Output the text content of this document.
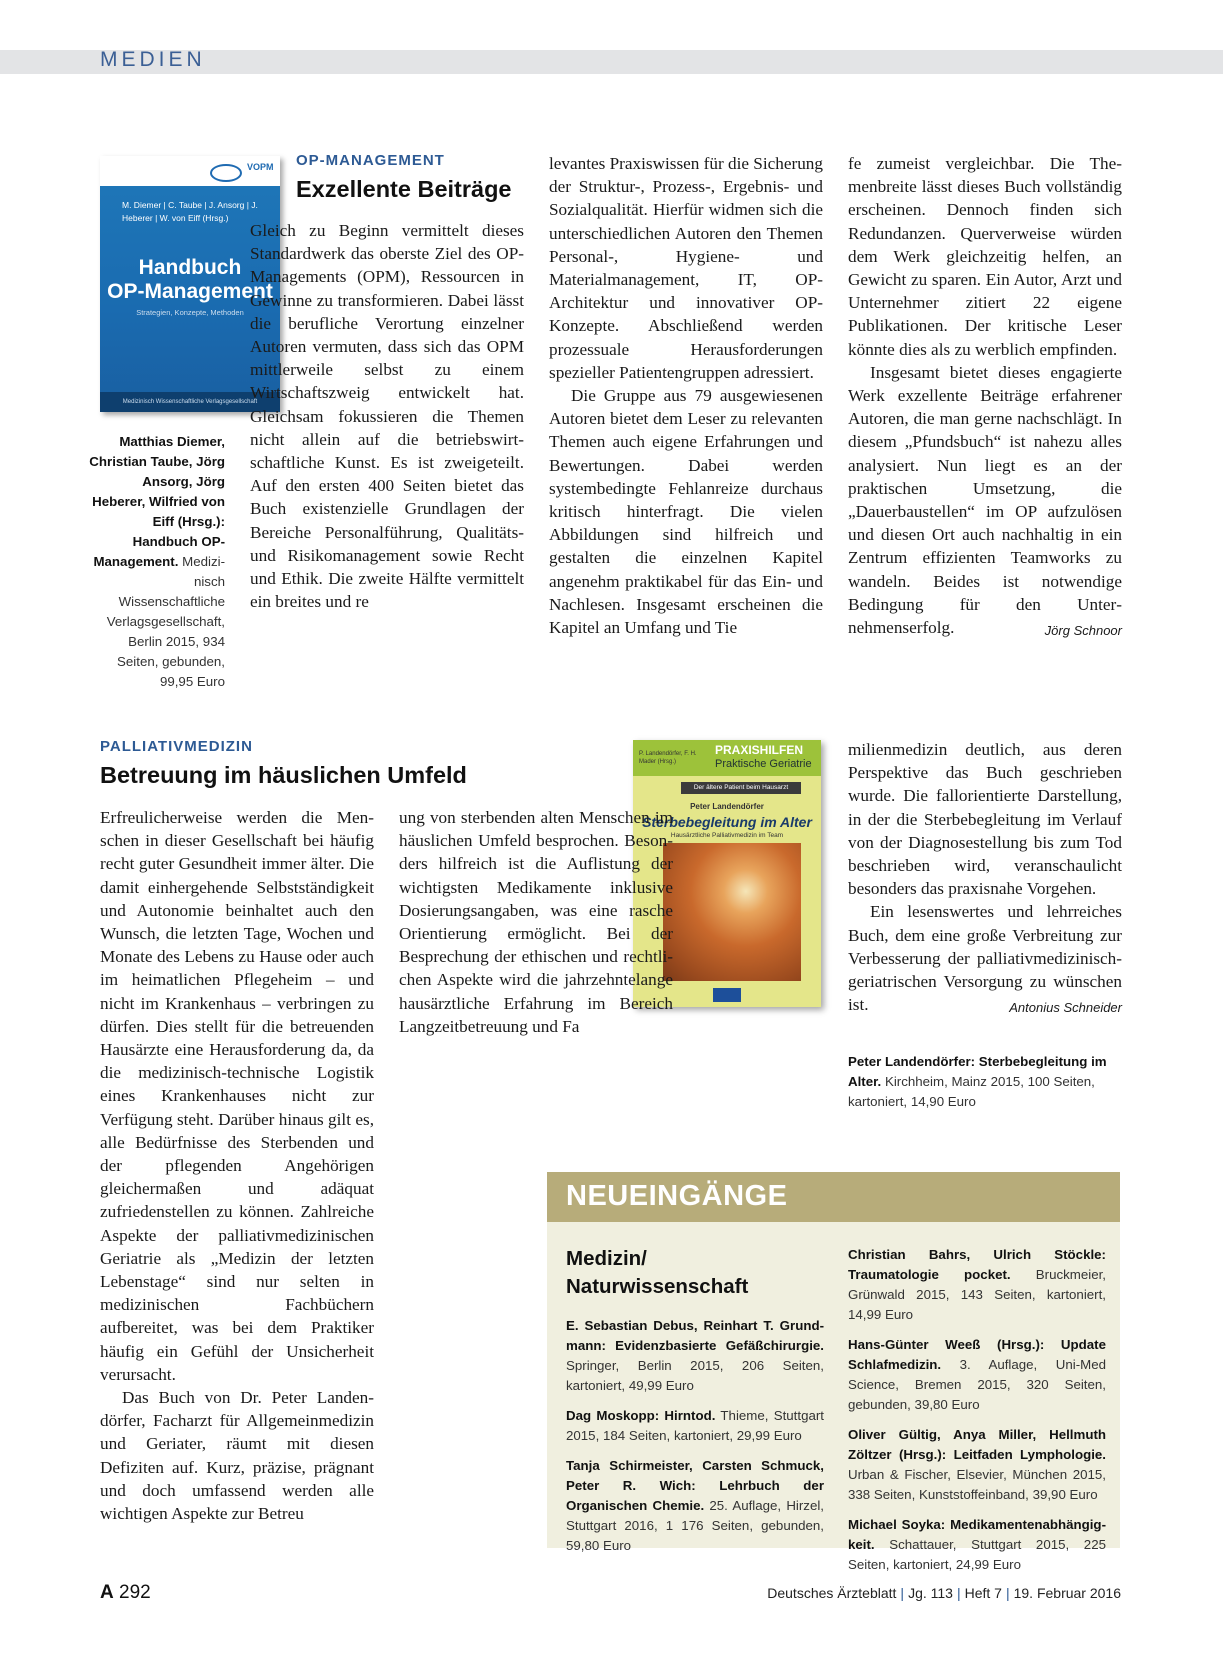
MEDIEN
VOPM
M. Diemer | C. Taube | J. Ansorg | J. Heberer | W. von Eiff (Hrsg.)
Handbuch
OP-Management
Strategien, Konzepte, Methoden
Medizinisch Wissenschaftliche Verlagsgesellschaft
Matthias Diemer, Christian Taube, Jörg Ansorg, Jörg Heberer, Wilfried von Eiff (Hrsg.): Handbuch OP-Management. Medizinisch Wissenschaftliche Verlagsgesellschaft, Berlin 2015, 934 Seiten, gebunden, 99,95 Euro
OP-MANAGEMENT
Exzellente Beiträge

Gleich zu Beginn vermittelt dieses Standardwerk das oberste Ziel des OP-Managements (OPM), Ressourcen in Gewinne zu transformieren. Dabei lässt die berufliche Verortung einzelner Autoren vermuten, dass sich das OPM mittlerweile selbst zu einem Wirtschaftszweig entwickelt hat. Gleichsam fokussieren die Themen nicht allein auf die betriebswirtschaftliche Kunst. Es ist zweigeteilt. Auf den ersten 400 Seiten bietet das Buch existenzielle Grundlagen der Bereiche Personalführung, Qualitäts- und Risikomanagement sowie Recht und Ethik. Die zweite Hälfte vermittelt ein breites und re

levantes Praxiswissen für die Sicherung der Struktur-, Prozess-, Ergebnis- und Sozialqualität. Hierfür widmen sich die unterschiedlichen Autoren den Themen Personal-, Hygiene- und Materialmanagement, IT, OP-Architektur und innovativer OP-Konzepte. Abschließend werden prozessuale Herausforderungen spezieller Patientengruppen adressiert.

Die Gruppe aus 79 ausgewiesenen Autoren bietet dem Leser zu relevanten Themen auch eigene Erfahrungen und Bewertungen. Dabei werden systembedingte Fehlanreize durchaus kritisch hinterfragt. Die vielen Abbildungen sind hilfreich und gestalten die einzelnen Kapitel angenehm praktikabel für das Ein- und Nachlesen. Insgesamt erscheinen die Kapitel an Umfang und Tie

fe zumeist vergleichbar. Die Themenbreite lässt dieses Buch vollständig erscheinen. Dennoch finden sich Redundanzen. Querverweise würden dem Werk gleichzeitig helfen, an Gewicht zu sparen. Ein Autor, Arzt und Unternehmer zitiert 22 eigene Publikationen. Der kritische Leser könnte dies als zu werblich empfinden.

Insgesamt bietet dieses engagierte Werk exzellente Beiträge erfahrener Autoren, die man gerne nachschlägt. In diesem „Pfundsbuch“ ist nahezu alles analysiert. Nun liegt es an der praktischen Umsetzung, die „Dauerbaustellen“ im OP aufzulösen und diesen Ort auch nachhaltig in ein Zentrum effizienten Teamworks zu wandeln. Beides ist notwendige Bedingung für den Unternehmenserfolg.	Jörg Schnoor

PALLIATIVMEDIZIN
Betreuung im häuslichen Umfeld

Erfreulicherweise werden die Menschen in dieser Gesellschaft bei häufig recht guter Gesundheit immer älter. Die damit einhergehende Selbstständigkeit und Autonomie beinhaltet auch den Wunsch, die letzten Tage, Wochen und Monate des Lebens zu Hause oder auch im heimatlichen Pflegeheim – und nicht im Krankenhaus – verbringen zu dürfen. Dies stellt für die betreuenden Hausärzte eine Herausforderung da, da die medizinisch-technische Logistik eines Krankenhauses nicht zur Verfügung steht. Darüber hinaus gilt es, alle Bedürfnisse des Sterbenden und der pflegenden Angehörigen gleichermaßen und adäquat zufriedenstellen zu können. Zahlreiche Aspekte der palliativmedizinischen Geriatrie als „Medizin der letzten Lebenstage“ sind nur selten in medizinischen Fachbüchern aufbereitet, was bei dem Praktiker häufig ein Gefühl der Unsicherheit verursacht.

Das Buch von Dr. Peter Landendörfer, Facharzt für Allgemeinmedizin und Geriater, räumt mit diesen Defiziten auf. Kurz, präzise, prägnant und doch umfassend werden alle wichtigen Aspekte zur Betreu

P. Landendörfer, F. H. Mader (Hrsg.)
PRAXISHILFEN
Praktische Geriatrie
Der ältere Patient beim Hausarzt
Peter Landendörfer
Sterbebegleitung im Alter
Hausärztliche Palliativmedizin im Team

ung von sterbenden alten Menschen im häuslichen Umfeld besprochen. Besonders hilfreich ist die Auflistung der wichtigsten Medikamente inklusive Dosierungsangaben, was eine rasche Orientierung ermöglicht. Bei der Besprechung der ethischen und rechtlichen Aspekte wird die jahrzehntelange hausärztliche Erfahrung im Bereich Langzeitbetreuung und Fa

milienmedizin deutlich, aus deren Perspektive das Buch geschrieben wurde. Die fallorientierte Darstellung, in der die Sterbebegleitung im Verlauf von der Diagnosestellung bis zum Tod beschrieben wird, veranschaulicht besonders das praxisnahe Vorgehen.

Ein lesenswertes und lehrreiches Buch, dem eine große Verbreitung zur Verbesserung der palliativmedizinisch-geriatrischen Versorgung zu wünschen ist.	Antonius Schneider

Peter Landendörfer: Sterbebegleitung im Alter. Kirchheim, Mainz 2015, 100 Seiten, kartoniert, 14,90 Euro
NEUEINGÄNGE
Medizin/
Naturwissenschaft
E. Sebastian Debus, Reinhart T. Grundmann: Evidenzbasierte Gefäßchirurgie. Springer, Berlin 2015, 206 Seiten, kartoniert, 49,99 Euro
Dag Moskopp: Hirntod. Thieme, Stuttgart 2015, 184 Seiten, kartoniert, 29,99 Euro
Tanja Schirmeister, Carsten Schmuck, Peter R. Wich: Lehrbuch der Organischen Chemie. 25. Auflage, Hirzel, Stuttgart 2016, 1 176 Seiten, gebunden, 59,80 Euro
Christian Bahrs, Ulrich Stöckle: Traumatologie pocket. Bruckmeier, Grünwald 2015, 143 Seiten, kartoniert, 14,99 Euro
Hans-Günter Weeß (Hrsg.): Update Schlafmedizin. 3. Auflage, Uni-Med Science, Bremen 2015, 320 Seiten, gebunden, 39,80 Euro
Oliver Gültig, Anya Miller, Hellmuth Zöltzer (Hrsg.): Leitfaden Lymphologie. Urban & Fischer, Elsevier, München 2015, 338 Seiten, Kunststoffeinband, 39,90 Euro
Michael Soyka: Medikamentenabhängigkeit. Schattauer, Stuttgart 2015, 225 Seiten, kartoniert, 24,99 Euro
A 292	Deutsches Ärzteblatt | Jg. 113 | Heft 7 | 19. Februar 2016
